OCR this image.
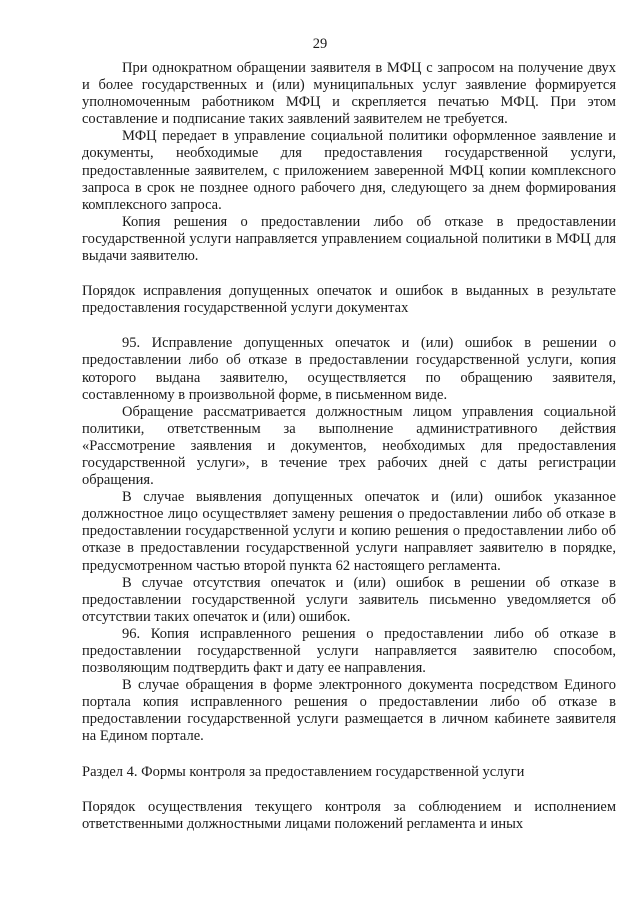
29

При однократном обращении заявителя в МФЦ с запросом на получение двух и более государственных и (или) муниципальных услуг заявление формируется уполномоченным работником МФЦ и скрепляется печатью МФЦ. При этом составление и подписание таких заявлений заявителем не требуется.

МФЦ передает в управление социальной политики оформленное заявление и документы, необходимые для предоставления государственной услуги, предоставленные заявителем, с приложением заверенной МФЦ копии комплексного запроса в срок не позднее одного рабочего дня, следующего за днем формирования комплексного запроса.

Копия решения о предоставлении либо об отказе в предоставлении государственной услуги направляется управлением социальной политики в МФЦ для выдачи заявителю.

Порядок исправления допущенных опечаток и ошибок в выданных в результате предоставления государственной услуги документах

95. Исправление допущенных опечаток и (или) ошибок в решении о предоставлении либо об отказе в предоставлении государственной услуги, копия которого выдана заявителю, осуществляется по обращению заявителя, составленному в произвольной форме, в письменном виде.

Обращение рассматривается должностным лицом управления социальной политики, ответственным за выполнение административного действия «Рассмотрение заявления и документов, необходимых для предоставления государственной услуги», в течение трех рабочих дней с даты регистрации обращения.

В случае выявления допущенных опечаток и (или) ошибок указанное должностное лицо осуществляет замену решения о предоставлении либо об отказе в предоставлении государственной услуги и копию решения о предоставлении либо об отказе в предоставлении государственной услуги направляет заявителю в порядке, предусмотренном частью второй пункта 62 настоящего регламента.

В случае отсутствия опечаток и (или) ошибок в решении об отказе в предоставлении государственной услуги заявитель письменно уведомляется об отсутствии таких опечаток и (или) ошибок.

96. Копия исправленного решения о предоставлении либо об отказе в предоставлении государственной услуги направляется заявителю способом, позволяющим подтвердить факт и дату ее направления.

В случае обращения в форме электронного документа посредством Единого портала копия исправленного решения о предоставлении либо об отказе в предоставлении государственной услуги размещается в личном кабинете заявителя на Едином портале.

Раздел 4. Формы контроля за предоставлением государственной услуги

Порядок осуществления текущего контроля за соблюдением и исполнением ответственными должностными лицами положений регламента и иных
